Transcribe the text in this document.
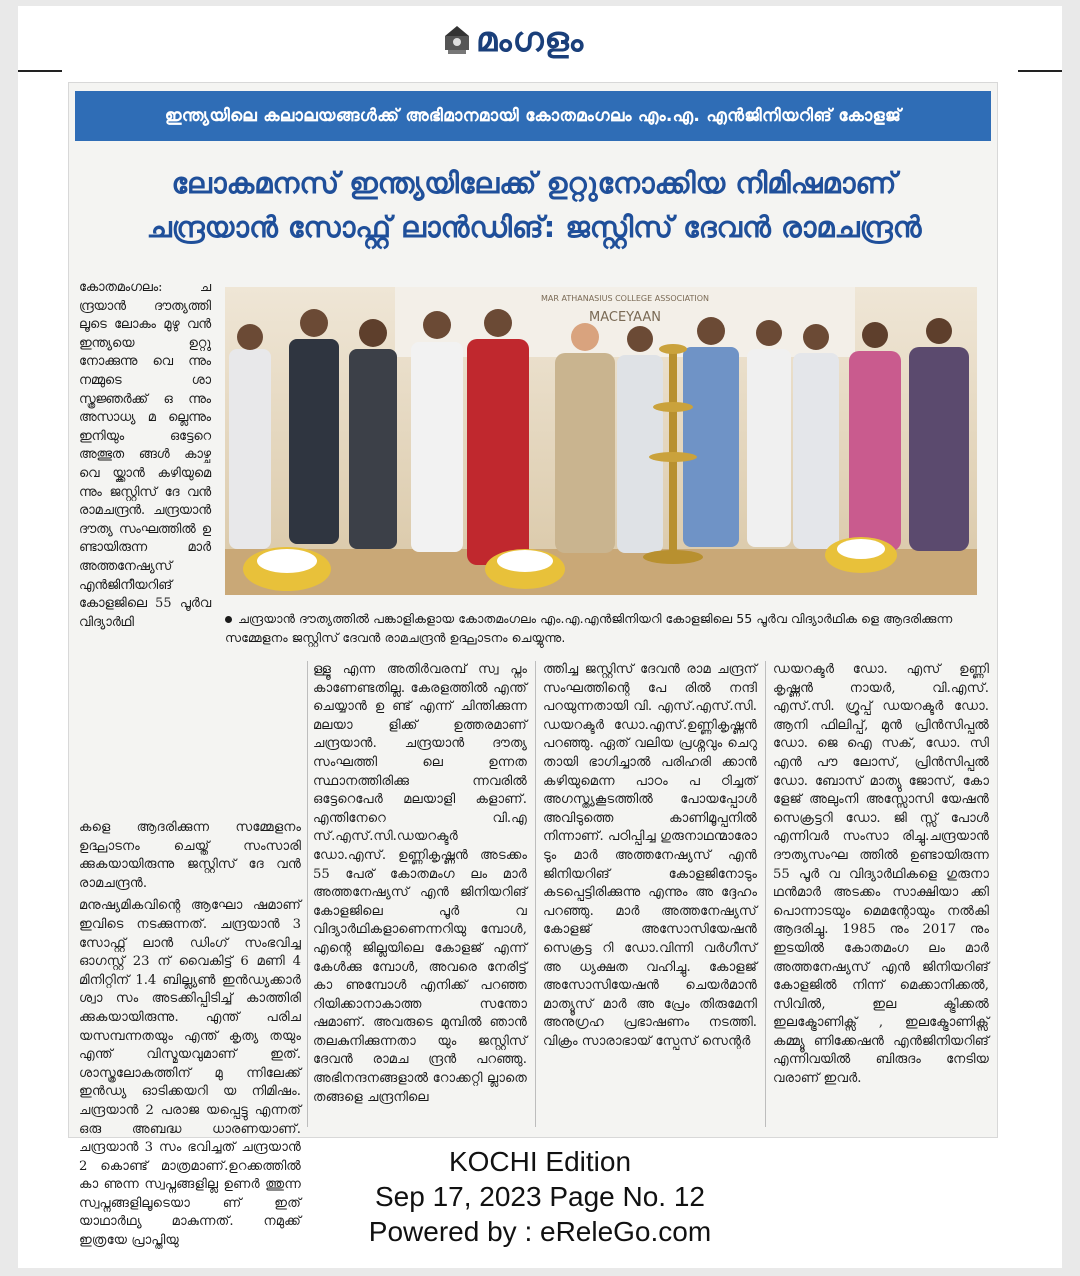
മംഗളം
ഇന്ത്യയിലെ കലാലയങ്ങൾക്ക് അഭിമാനമായി കോതമംഗലം എം.എ. എൻജിനിയറിങ് കോളജ്
ലോകമനസ് ഇന്ത്യയിലേക്ക് ഉറ്റുനോക്കിയ നിമിഷമാണ്
ചന്ദ്രയാൻ സോഫ്റ്റ് ലാൻഡിങ്: ജസ്റ്റിസ് ദേവൻ രാമചന്ദ്രൻ

കോതമംഗലം: ച ന്ദ്രയാൻ ദൗത്യത്തി ലൂടെ ലോകം മുഴു വൻ ഇന്ത്യയെ ഉറ്റു നോക്കുന്നു വെ ന്നും നമ്മുടെ ശാ സ്ത്രജ്ഞർക്ക് ഒ ന്നും അസാധ്യ മ ല്ലെന്നും ഇനിയും ഒട്ടേറെ അത്ഭുത ങ്ങൾ കാഴ്ച വെ യ്ക്കാൻ കഴിയുമെ ന്നും ജസ്റ്റിസ് ദേ വൻ രാമചന്ദ്രൻ. ചന്ദ്രയാൻ ദൗത്യ സംഘത്തിൽ ഉ ണ്ടായിരുന്ന മാർ അത്തനേഷ്യസ് എൻജിനീയറിങ് കോളജിലെ 55 പൂർവ വിദ്യാർഥി

MAR ATHANASIUS COLLEGE ASSOCIATION
MACEYAAN
ചന്ദ്രയാൻ ദൗത്യത്തിൽ പങ്കാളികളായ കോതമംഗലം എം.എ.എൻജിനിയറി കോളജിലെ 55 പൂർവ വിദ്യാർഥിക ളെ ആദരിക്കുന്ന സമ്മേളനം ജസ്റ്റിസ് ദേവൻ രാമചന്ദ്രൻ ഉദ്ഘാടനം ചെയ്യുന്നു.

കളെ ആദരിക്കുന്ന സമ്മേളനം ഉദ്ഘാടനം ചെയ്ത് സംസാരി ക്കുകയായിരുന്നു ജസ്റ്റിസ് ദേ വൻ രാമചന്ദ്രൻ.

മനുഷ്യമികവിന്റെ ആഘോ ഷമാണ് ഇവിടെ നടക്കുന്നത്. ചന്ദ്രയാൻ 3 സോഫ്റ്റ് ലാൻ ഡിംഗ് സംഭവിച്ച ഓഗസ്റ്റ് 23 ന് വൈകിട്ട് 6 മണി 4 മിനിറ്റിന് 1.4 ബില്ല്യൺ ഇൻഡ്യക്കാർ ശ്വാ സം അടക്കിപ്പിടിച്ച് കാത്തിരി ക്കുകയായിരുന്നു. എന്ത് പരിച യസമ്പന്നതയും എന്ത് കൃത്യ തയും എന്ത് വിസ്മയവുമാണ് ഇത്. ശാസ്ത്രലോകത്തിന് മു ന്നിലേക്ക് ഇൻഡ്യ ഓടിക്കയറി യ നിമിഷം. ചന്ദ്രയാൻ 2 പരാജ യപ്പെട്ടു എന്നത് ഒരു അബദ്ധ ധാരണയാണ്. ചന്ദ്രയാൻ 3 സം ഭവിച്ചത് ചന്ദ്രയാൻ 2 കൊണ്ട് മാത്രമാണ്.ഉറക്കത്തിൽ കാ ണുന്ന സ്വപ്നങ്ങളില്ല ഉണർ ത്തുന്ന സ്വപ്നങ്ങളിലൂടെയാ ണ് ഇത് യാഥാർഥ്യ മാകുന്നത്. നമുക്ക് ഇത്രയേ പ്രാപ്തിയു

ള്ളൂ എന്ന അതിർവരമ്പ് സ്വ പ്നം കാണേണ്ടതില്ല. കേരളത്തിൽ എന്ത് ചെയ്യാൻ ഉ ണ്ട് എന്ന് ചിന്തിക്കുന്ന മലയാ ളിക്ക് ഉത്തരമാണ് ചന്ദ്രയാൻ. ചന്ദ്രയാൻ ദൗത്യ സംഘത്തി ലെ ഉന്നത സ്ഥാനത്തിരിക്കു ന്നവരിൽ ഒട്ടേറെപേർ മലയാളി കളാണ്. എന്തിനേറെ വി.എ സ്.എസ്.സി.ഡയറക്ടർ ഡോ.എസ്. ഉണ്ണികൃഷ്ണൻ അടക്കം 55 പേര് കോതമംഗ ലം മാർ അത്തനേഷ്യസ് എൻ ജിനിയറിങ് കോളജിലെ പൂർ വ വിദ്യാർഥികളാണെന്നറിയു മ്പോൾ, എന്റെ ജില്ലയിലെ കോളജ് എന്ന് കേൾക്കു മ്പോൾ, അവരെ നേരിട്ട് കാ ണുമ്പോൾ എനിക്ക് പറഞ്ഞ റിയിക്കാനാകാത്ത സന്തോ ഷമാണ്. അവരുടെ മുമ്പിൽ ഞാൻ തലകുനിക്കുന്നതാ യും ജസ്റ്റിസ് ദേവൻ രാമച ന്ദ്രൻ പറഞ്ഞു. അഭിനന്ദനങ്ങളാൽ റോക്കറ്റി ല്ലാതെ തങ്ങളെ ചന്ദ്രനിലെ

ത്തിച്ച ജസ്റ്റിസ് ദേവൻ രാമ ചന്ദ്രന് സംഘത്തിന്റെ പേ രിൽ നന്ദി പറയുന്നതായി വി. എസ്.എസ്.സി. ഡയറക്ടർ ഡോ.എസ്.ഉണ്ണികൃഷ്ണൻ പറഞ്ഞു. ഏത് വലിയ പ്രശ്നവും ചെറു തായി ഭാഗിച്ചാൽ പരിഹരി ക്കാൻ കഴിയുമെന്ന പാഠം പ ഠിച്ചത് അഗസ്ത്യകൂടത്തിൽ പോയപ്പോൾ അവിടുത്തെ കാണിമൂപ്പനിൽ നിന്നാണ്. പഠിപ്പിച്ച ഗുരുനാഥന്മാരോ ടും മാർ അത്തനേഷ്യസ് എൻ ജിനിയറിങ് കോളജിനോടും കടപ്പെട്ടിരിക്കുന്നു എന്നും അ ദ്ദേഹം പറഞ്ഞു. മാർ അത്തനേഷ്യസ് കോളജ് അസോസിയേഷൻ സെക്രട്ട റി ഡോ.വിന്നി വർഗീസ് അ ധ്യക്ഷത വഹിച്ചു. കോളജ് അസോസിയേഷൻ ചെയർമാൻ മാത്യൂസ് മാർ അ പ്രേം തിരുമേനി അനുഗ്രഹ പ്രഭാഷണം നടത്തി. വിക്രം സാരാഭായ് സ്പേസ് സെന്റർ

ഡയറക്ടർ ഡോ. എസ് ഉണ്ണി കൃഷ്ണൻ നായർ, വി.എസ്. എസ്.സി. ഗ്രൂപ്പ് ഡയറക്ടർ ഡോ. ആനി ഫിലിപ്പ്, മുൻ പ്രിൻസിപ്പൽ ഡോ. ജെ ഐ സക്, ഡോ. സി എൻ പൗ ലോസ്, പ്രിൻസിപ്പൽ ഡോ. ബോസ് മാത്യു ജോസ്, കോ ളേജ് അലുംനി അസ്സോസി യേഷൻ സെക്രട്ടറി ഡോ. ജി സ്സ് പോൾ എന്നിവർ സംസാ രിച്ചു.ചന്ദ്രയാൻ ദൗത്യസംഘ ത്തിൽ ഉണ്ടായിരുന്ന 55 പൂർ വ വിദ്യാർഥികളെ ഗുരുനാ ഥൻമാർ അടക്കം സാക്ഷിയാ ക്കി പൊന്നാടയും മെമന്റോയും നൽകി ആദരിച്ചു. 1985 നും 2017 നും ഇടയിൽ കോതമംഗ ലം മാർ അത്തനേഷ്യസ് എൻ ജിനിയറിങ് കോളജിൽ നിന്ന് മെക്കാനിക്കൽ, സിവിൽ, ഇല ക്ട്രിക്കൽ ഇലക്ട്രോണിക്സ് , ഇലക്ട്രോണിക്സ് കമ്മ്യൂ ണിക്കേഷൻ എൻജിനിയറിങ് എന്നിവയിൽ ബിരുദം നേടിയ വരാണ് ഇവർ.

KOCHI Edition
Sep 17, 2023 Page No. 12
Powered by : eReleGo.com
